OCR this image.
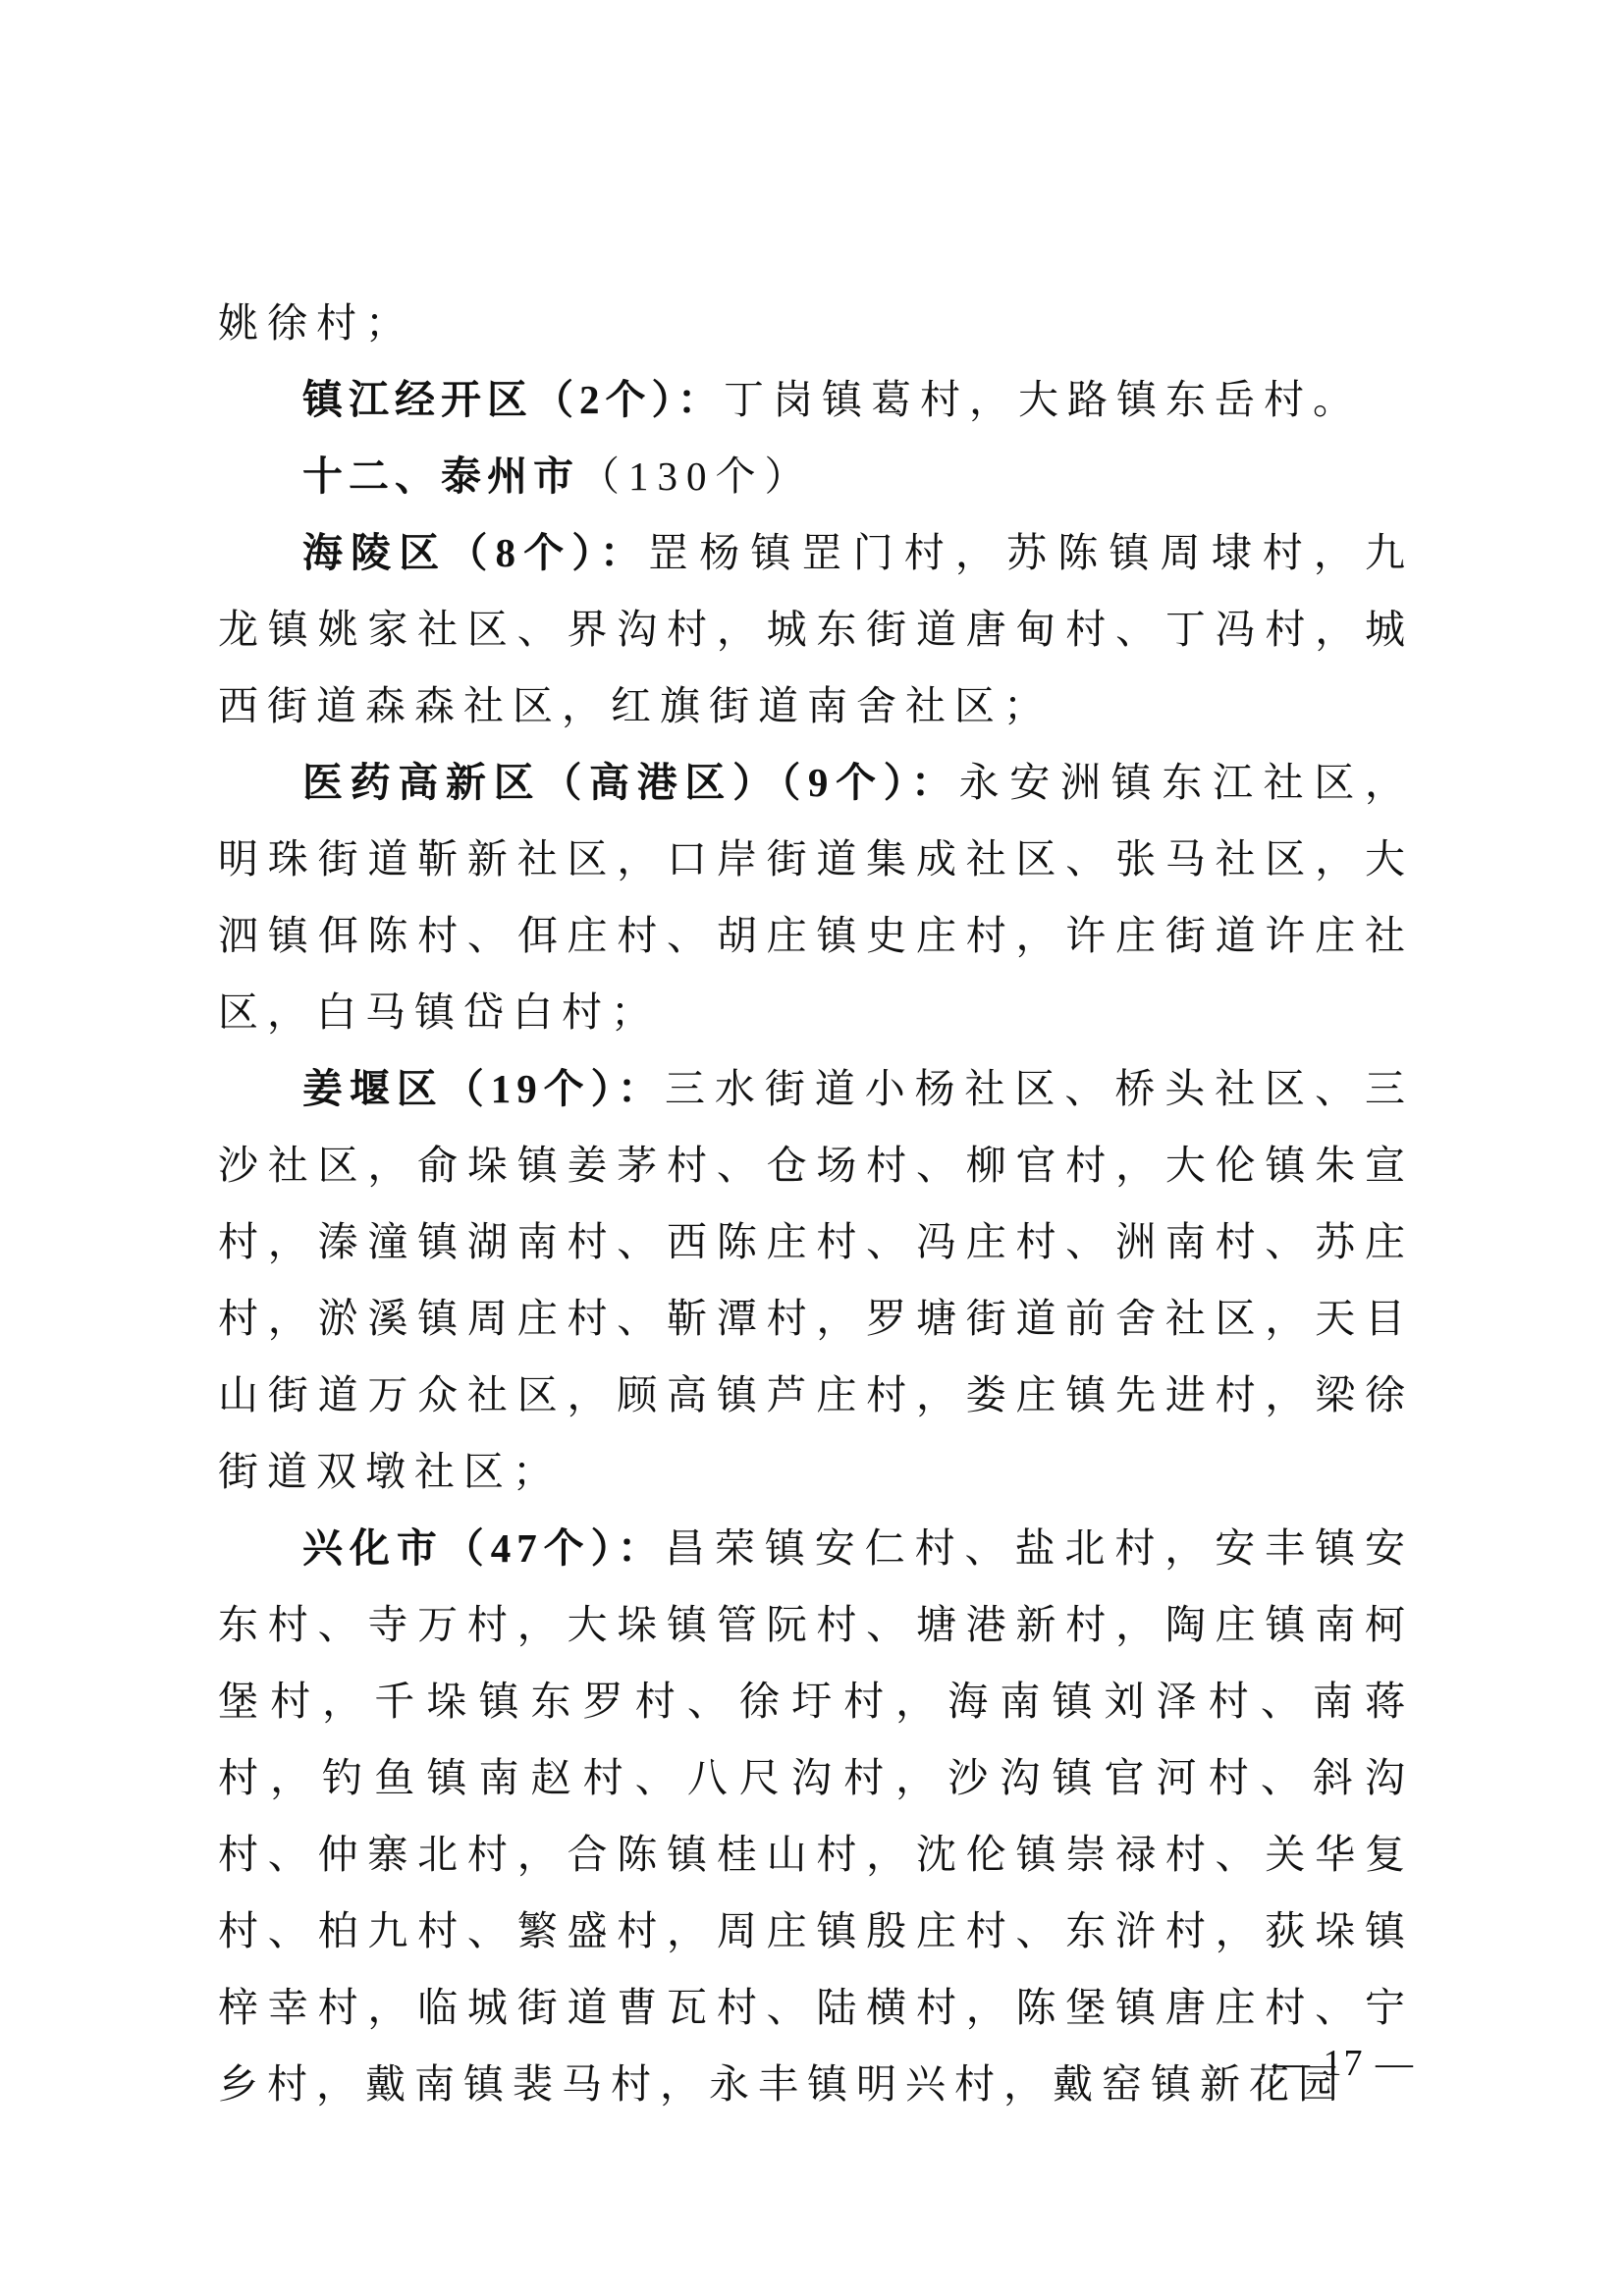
姚徐村；

镇江经开区（2个）：丁岗镇葛村，大路镇东岳村。

十二、泰州市（130个）

海陵区（8个）：罡杨镇罡门村，苏陈镇周埭村，九龙镇姚家社区、界沟村，城东街道唐甸村、丁冯村，城西街道森森社区，红旗街道南舍社区；

医药高新区（高港区）（9个）：永安洲镇东江社区，明珠街道靳新社区，口岸街道集成社区、张马社区，大泗镇佴陈村、佴庄村、胡庄镇史庄村，许庄街道许庄社区，白马镇岱白村；

姜堰区（19个）：三水街道小杨社区、桥头社区、三沙社区，俞垛镇姜茅村、仓场村、柳官村，大伦镇朱宣村，溱潼镇湖南村、西陈庄村、冯庄村、洲南村、苏庄村，淤溪镇周庄村、靳潭村，罗塘街道前舍社区，天目山街道万众社区，顾高镇芦庄村，娄庄镇先进村，梁徐街道双墩社区；

兴化市（47个）：昌荣镇安仁村、盐北村，安丰镇安东村、寺万村，大垛镇管阮村、塘港新村，陶庄镇南柯堡村，千垛镇东罗村、徐圩村，海南镇刘泽村、南蒋村，钓鱼镇南赵村、八尺沟村，沙沟镇官河村、斜沟村、仲寨北村，合陈镇桂山村，沈伦镇崇禄村、关华复村、柏九村、繁盛村，周庄镇殷庄村、东浒村，荻垛镇梓幸村，临城街道曹瓦村、陆横村，陈堡镇唐庄村、宁乡村，戴南镇裴马村，永丰镇明兴村，戴窑镇新花园

— 17 —
